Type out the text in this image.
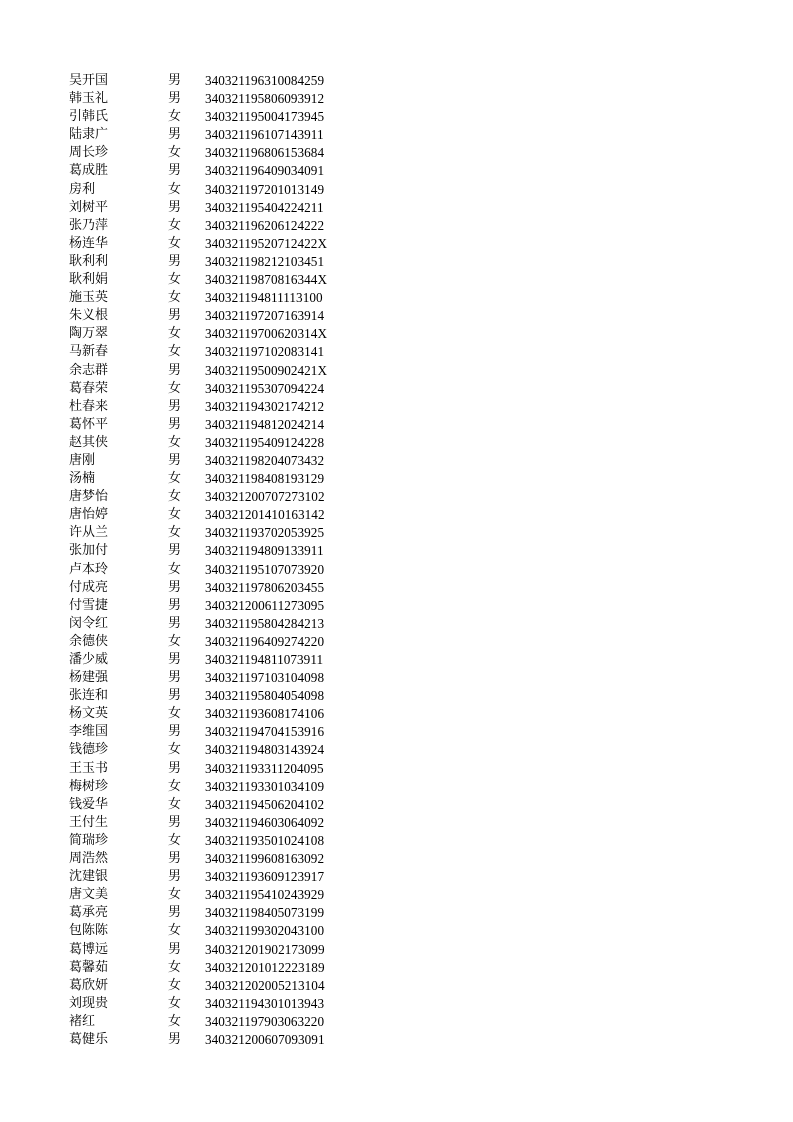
吴开国	男	340321196310084259
韩玉礼	男	340321195806093912
引韩氏	女	340321195004173945
陆隶广	男	340321196107143911
周长珍	女	340321196806153684
葛成胜	男	340321196409034091
房利	女	340321197201013149
刘树平	男	340321195404224211
张乃萍	女	340321196206124222
杨连华	女	34032119520712422X
耿利利	男	340321198212103451
耿利娟	女	34032119870816344X
施玉英	女	340321194811113100
朱义根	男	340321197207163914
陶万翠	女	34032119700620314X
马新春	女	340321197102083141
余志群	男	34032119500902421X
葛春荣	女	340321195307094224
杜春来	男	340321194302174212
葛怀平	男	340321194812024214
赵其侠	女	340321195409124228
唐刚	男	340321198204073432
汤楠	女	340321198408193129
唐梦怡	女	340321200707273102
唐怡婷	女	340321201410163142
许从兰	女	340321193702053925
张加付	男	340321194809133911
卢本玲	女	340321195107073920
付成亮	男	340321197806203455
付雪捷	男	340321200611273095
闵令红	男	340321195804284213
余德侠	女	340321196409274220
潘少威	男	340321194811073911
杨建强	男	340321197103104098
张连和	男	340321195804054098
杨文英	女	340321193608174106
李维国	男	340321194704153916
钱德珍	女	340321194803143924
王玉书	男	340321193311204095
梅树珍	女	340321193301034109
钱爱华	女	340321194506204102
王付生	男	340321194603064092
简瑞珍	女	340321193501024108
周浩然	男	340321199608163092
沈建银	男	340321193609123917
唐文美	女	340321195410243929
葛承亮	男	340321198405073199
包陈陈	女	340321199302043100
葛博远	男	340321201902173099
葛馨茹	女	340321201012223189
葛欣妍	女	340321202005213104
刘现贵	女	340321194301013943
褚红	女	340321197903063220
葛健乐	男	340321200607093091
